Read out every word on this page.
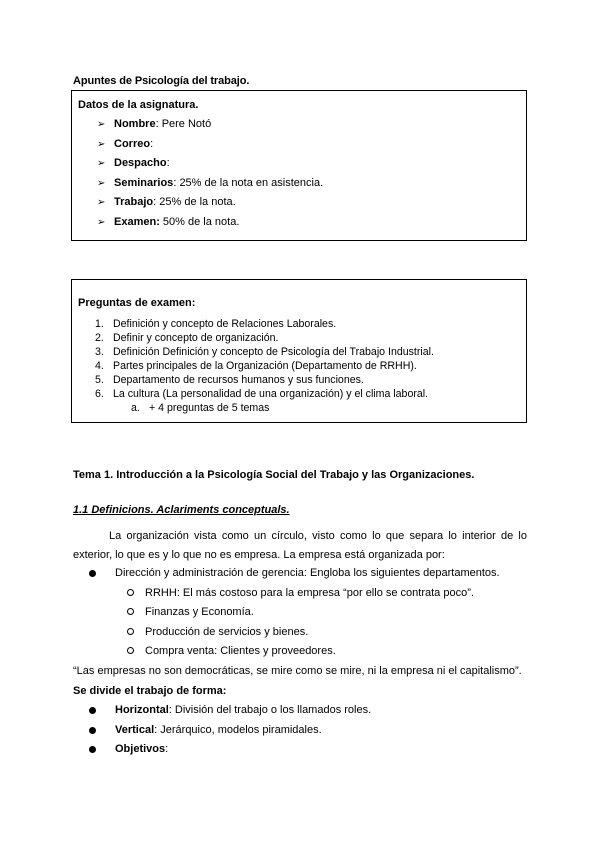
Apuntes de Psicología del trabajo.
Datos de la asignatura.
➢ Nombre: Pere Notó
➢ Correo:
➢ Despacho:
➢ Seminarios: 25% de la nota en asistencia.
➢ Trabajo: 25% de la nota.
➢ Examen: 50% de la nota.
Preguntas de examen:
1. Definición y concepto de Relaciones Laborales.
2. Definir y concepto de organización.
3. Definición Definición y concepto de Psicología del Trabajo Industrial.
4. Partes principales de la Organización (Departamento de RRHH).
5. Departamento de recursos humanos y sus funciones.
6. La cultura (La personalidad de una organización) y el clima laboral.
a. + 4 preguntas de 5 temas
Tema 1. Introducción a la Psicología Social del Trabajo y las Organizaciones.
1.1 Definicions. Aclariments conceptuals.

La organización vista como un círculo, visto como lo que separa lo interior de lo exterior, lo que es y lo que no es empresa. La empresa está organizada por:

Dirección y administración de gerencia: Engloba los siguientes departamentos.
RRHH: El más costoso para la empresa “por ello se contrata poco”.
Finanzas y Economía.
Producción de servicios y bienes.
Compra venta: Clientes y proveedores.
“Las empresas no son democráticas, se mire como se mire, ni la empresa ni el capitalismo”.
Se divide el trabajo de forma:
Horizontal: División del trabajo o los llamados roles.
Vertical: Jerárquico, modelos piramidales.
Objetivos:
